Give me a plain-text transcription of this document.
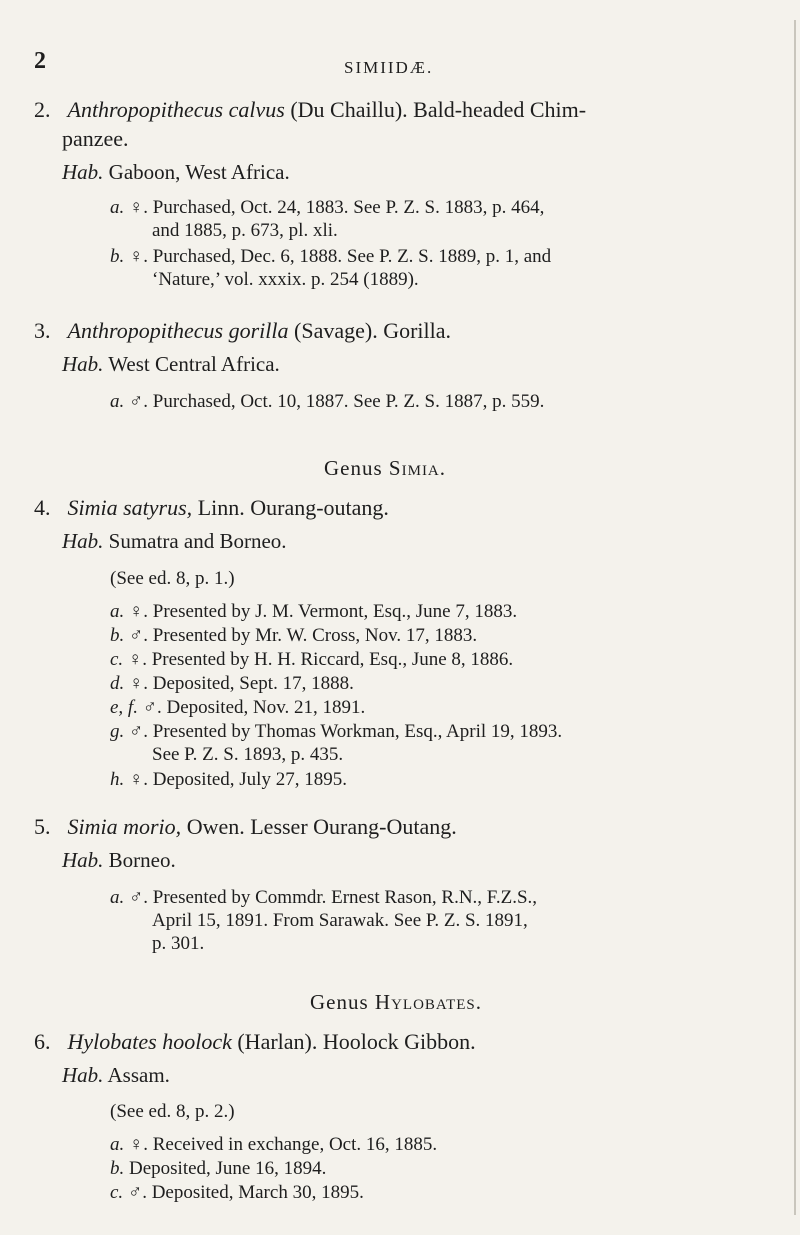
2	SIMIIDÆ.
2. Anthropopithecus calvus (Du Chaillu). Bald-headed Chim-
panzee.
Hab. Gaboon, West Africa.
a. ♀. Purchased, Oct. 24, 1883. See P. Z. S. 1883, p. 464,
and 1885, p. 673, pl. xli.
b. ♀. Purchased, Dec. 6, 1888. See P. Z. S. 1889, p. 1, and
‘Nature,’ vol. xxxix. p. 254 (1889).
3. Anthropopithecus gorilla (Savage). Gorilla.
Hab. West Central Africa.
a. ♂. Purchased, Oct. 10, 1887. See P. Z. S. 1887, p. 559.
Genus Simia.
4. Simia satyrus, Linn. Ourang-outang.
Hab. Sumatra and Borneo.
(See ed. 8, p. 1.)
a. ♀. Presented by J. M. Vermont, Esq., June 7, 1883.
b. ♂. Presented by Mr. W. Cross, Nov. 17, 1883.
c. ♀. Presented by H. H. Riccard, Esq., June 8, 1886.
d. ♀. Deposited, Sept. 17, 1888.
e, f. ♂. Deposited, Nov. 21, 1891.
g. ♂. Presented by Thomas Workman, Esq., April 19, 1893.
See P. Z. S. 1893, p. 435.
h. ♀. Deposited, July 27, 1895.
5. Simia morio, Owen. Lesser Ourang-Outang.
Hab. Borneo.
a. ♂. Presented by Commdr. Ernest Rason, R.N., F.Z.S.,
April 15, 1891. From Sarawak. See P. Z. S. 1891,
p. 301.
Genus Hylobates.
6. Hylobates hoolock (Harlan). Hoolock Gibbon.
Hab. Assam.
(See ed. 8, p. 2.)
a. ♀. Received in exchange, Oct. 16, 1885.
b. Deposited, June 16, 1894.
c. ♂. Deposited, March 30, 1895.
